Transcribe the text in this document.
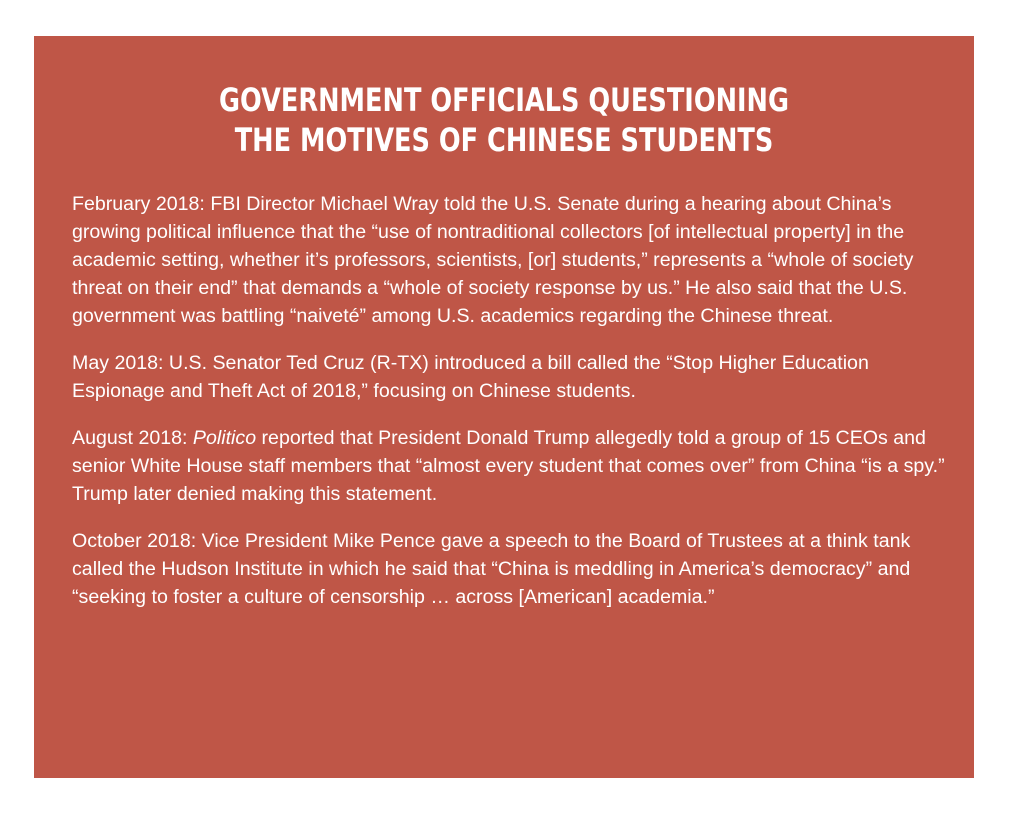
GOVERNMENT OFFICIALS QUESTIONING
THE MOTIVES OF CHINESE STUDENTS

February 2018: FBI Director Michael Wray told the U.S. Senate during a hearing about China’s growing political influence that the “use of nontraditional collectors [of intellectual property] in the academic setting, whether it’s professors, scientists, [or] students,” represents a “whole of society threat on their end” that demands a “whole of society response by us.” He also said that the U.S. government was battling “naiveté” among U.S. academics regarding the Chinese threat.

May 2018: U.S. Senator Ted Cruz (R-TX) introduced a bill called the “Stop Higher Education Espionage and Theft Act of 2018,” focusing on Chinese students.

August 2018: Politico reported that President Donald Trump allegedly told a group of 15 CEOs and senior White House staff members that “almost every student that comes over” from China “is a spy.” Trump later denied making this statement.

October 2018: Vice President Mike Pence gave a speech to the Board of Trustees at a think tank called the Hudson Institute in which he said that “China is meddling in America’s democracy” and “seeking to foster a culture of censorship … across [American] academia.”
